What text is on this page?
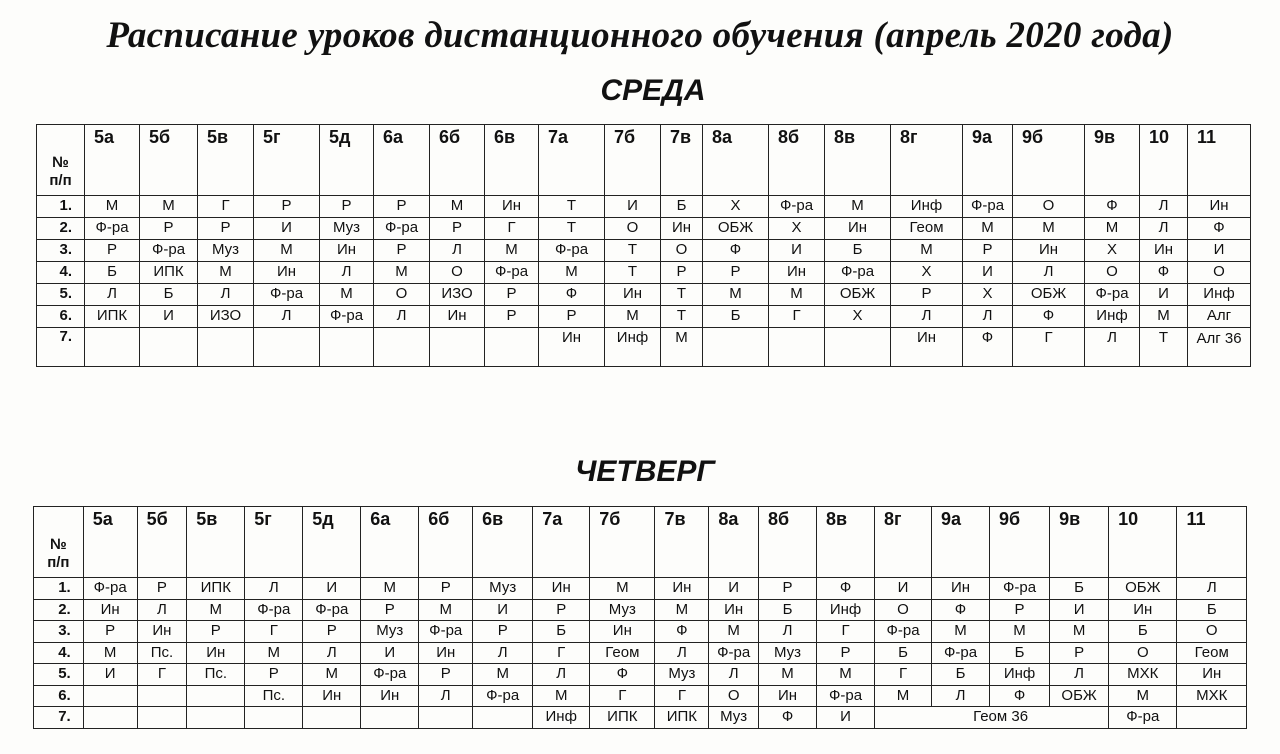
Расписание уроков дистанционного обучения (апрель 2020 года)
СРЕДА
№
п/п	5а	5б	5в	5г	5д	6а	6б	6в	7а	7б	7в	8а	8б	8в	8г	9а	9б	9в	10	11
1.	М	М	Г	Р	Р	Р	М	Ин	Т	И	Б	Х	Ф-ра	М	Инф	Ф-ра	О	Ф	Л	Ин
2.	Ф-ра	Р	Р	И	Муз	Ф-ра	Р	Г	Т	О	Ин	ОБЖ	Х	Ин	Геом	М	М	М	Л	Ф
3.	Р	Ф-ра	Муз	М	Ин	Р	Л	М	Ф-ра	Т	О	Ф	И	Б	М	Р	Ин	Х	Ин	И
4.	Б	ИПК	М	Ин	Л	М	О	Ф-ра	М	Т	Р	Р	Ин	Ф-ра	Х	И	Л	О	Ф	О
5.	Л	Б	Л	Ф-ра	М	О	ИЗО	Р	Ф	Ин	Т	М	М	ОБЖ	Р	Х	ОБЖ	Ф-ра	И	Инф
6.	ИПК	И	ИЗО	Л	Ф-ра	Л	Ин	Р	Р	М	Т	Б	Г	Х	Л	Л	Ф	Инф	М	Алг
7.									Ин	Инф	М				Ин	Ф	Г	Л	Т	Алг 36
ЧЕТВЕРГ
№
п/п	5а	5б	5в	5г	5д	6а	6б	6в	7а	7б	7в	8а	8б	8в	8г	9а	9б	9в	10	11
1.	Ф-ра	Р	ИПК	Л	И	М	Р	Муз	Ин	М	Ин	И	Р	Ф	И	Ин	Ф-ра	Б	ОБЖ	Л
2.	Ин	Л	М	Ф-ра	Ф-ра	Р	М	И	Р	Муз	М	Ин	Б	Инф	О	Ф	Р	И	Ин	Б
3.	Р	Ин	Р	Г	Р	Муз	Ф-ра	Р	Б	Ин	Ф	М	Л	Г	Ф-ра	М	М	М	Б	О
4.	М	Пс.	Ин	М	Л	И	Ин	Л	Г	Геом	Л	Ф-ра	Муз	Р	Б	Ф-ра	Б	Р	О	Геом
5.	И	Г	Пс.	Р	М	Ф-ра	Р	М	Л	Ф	Муз	Л	М	М	Г	Б	Инф	Л	МХК	Ин
6.				Пс.	Ин	Ин	Л	Ф-ра	М	Г	Г	О	Ин	Ф-ра	М	Л	Ф	ОБЖ	М	МХК
7.									Инф	ИПК	ИПК	Муз	Ф	И	Геом 36				Ф-ра	
